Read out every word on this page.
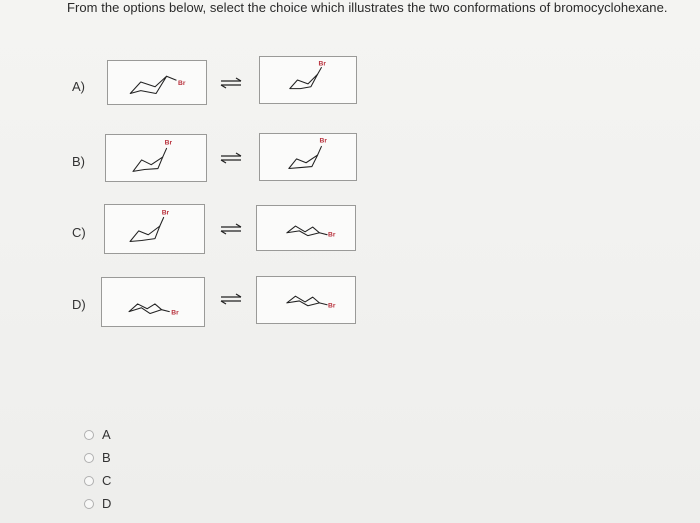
From the options below, select the choice which illustrates the two conformations of bromocyclohexane.
A)	Br
Br
B)
Br	Br
C)
Br
Br
D)
Br
Br
A
B
C
D
